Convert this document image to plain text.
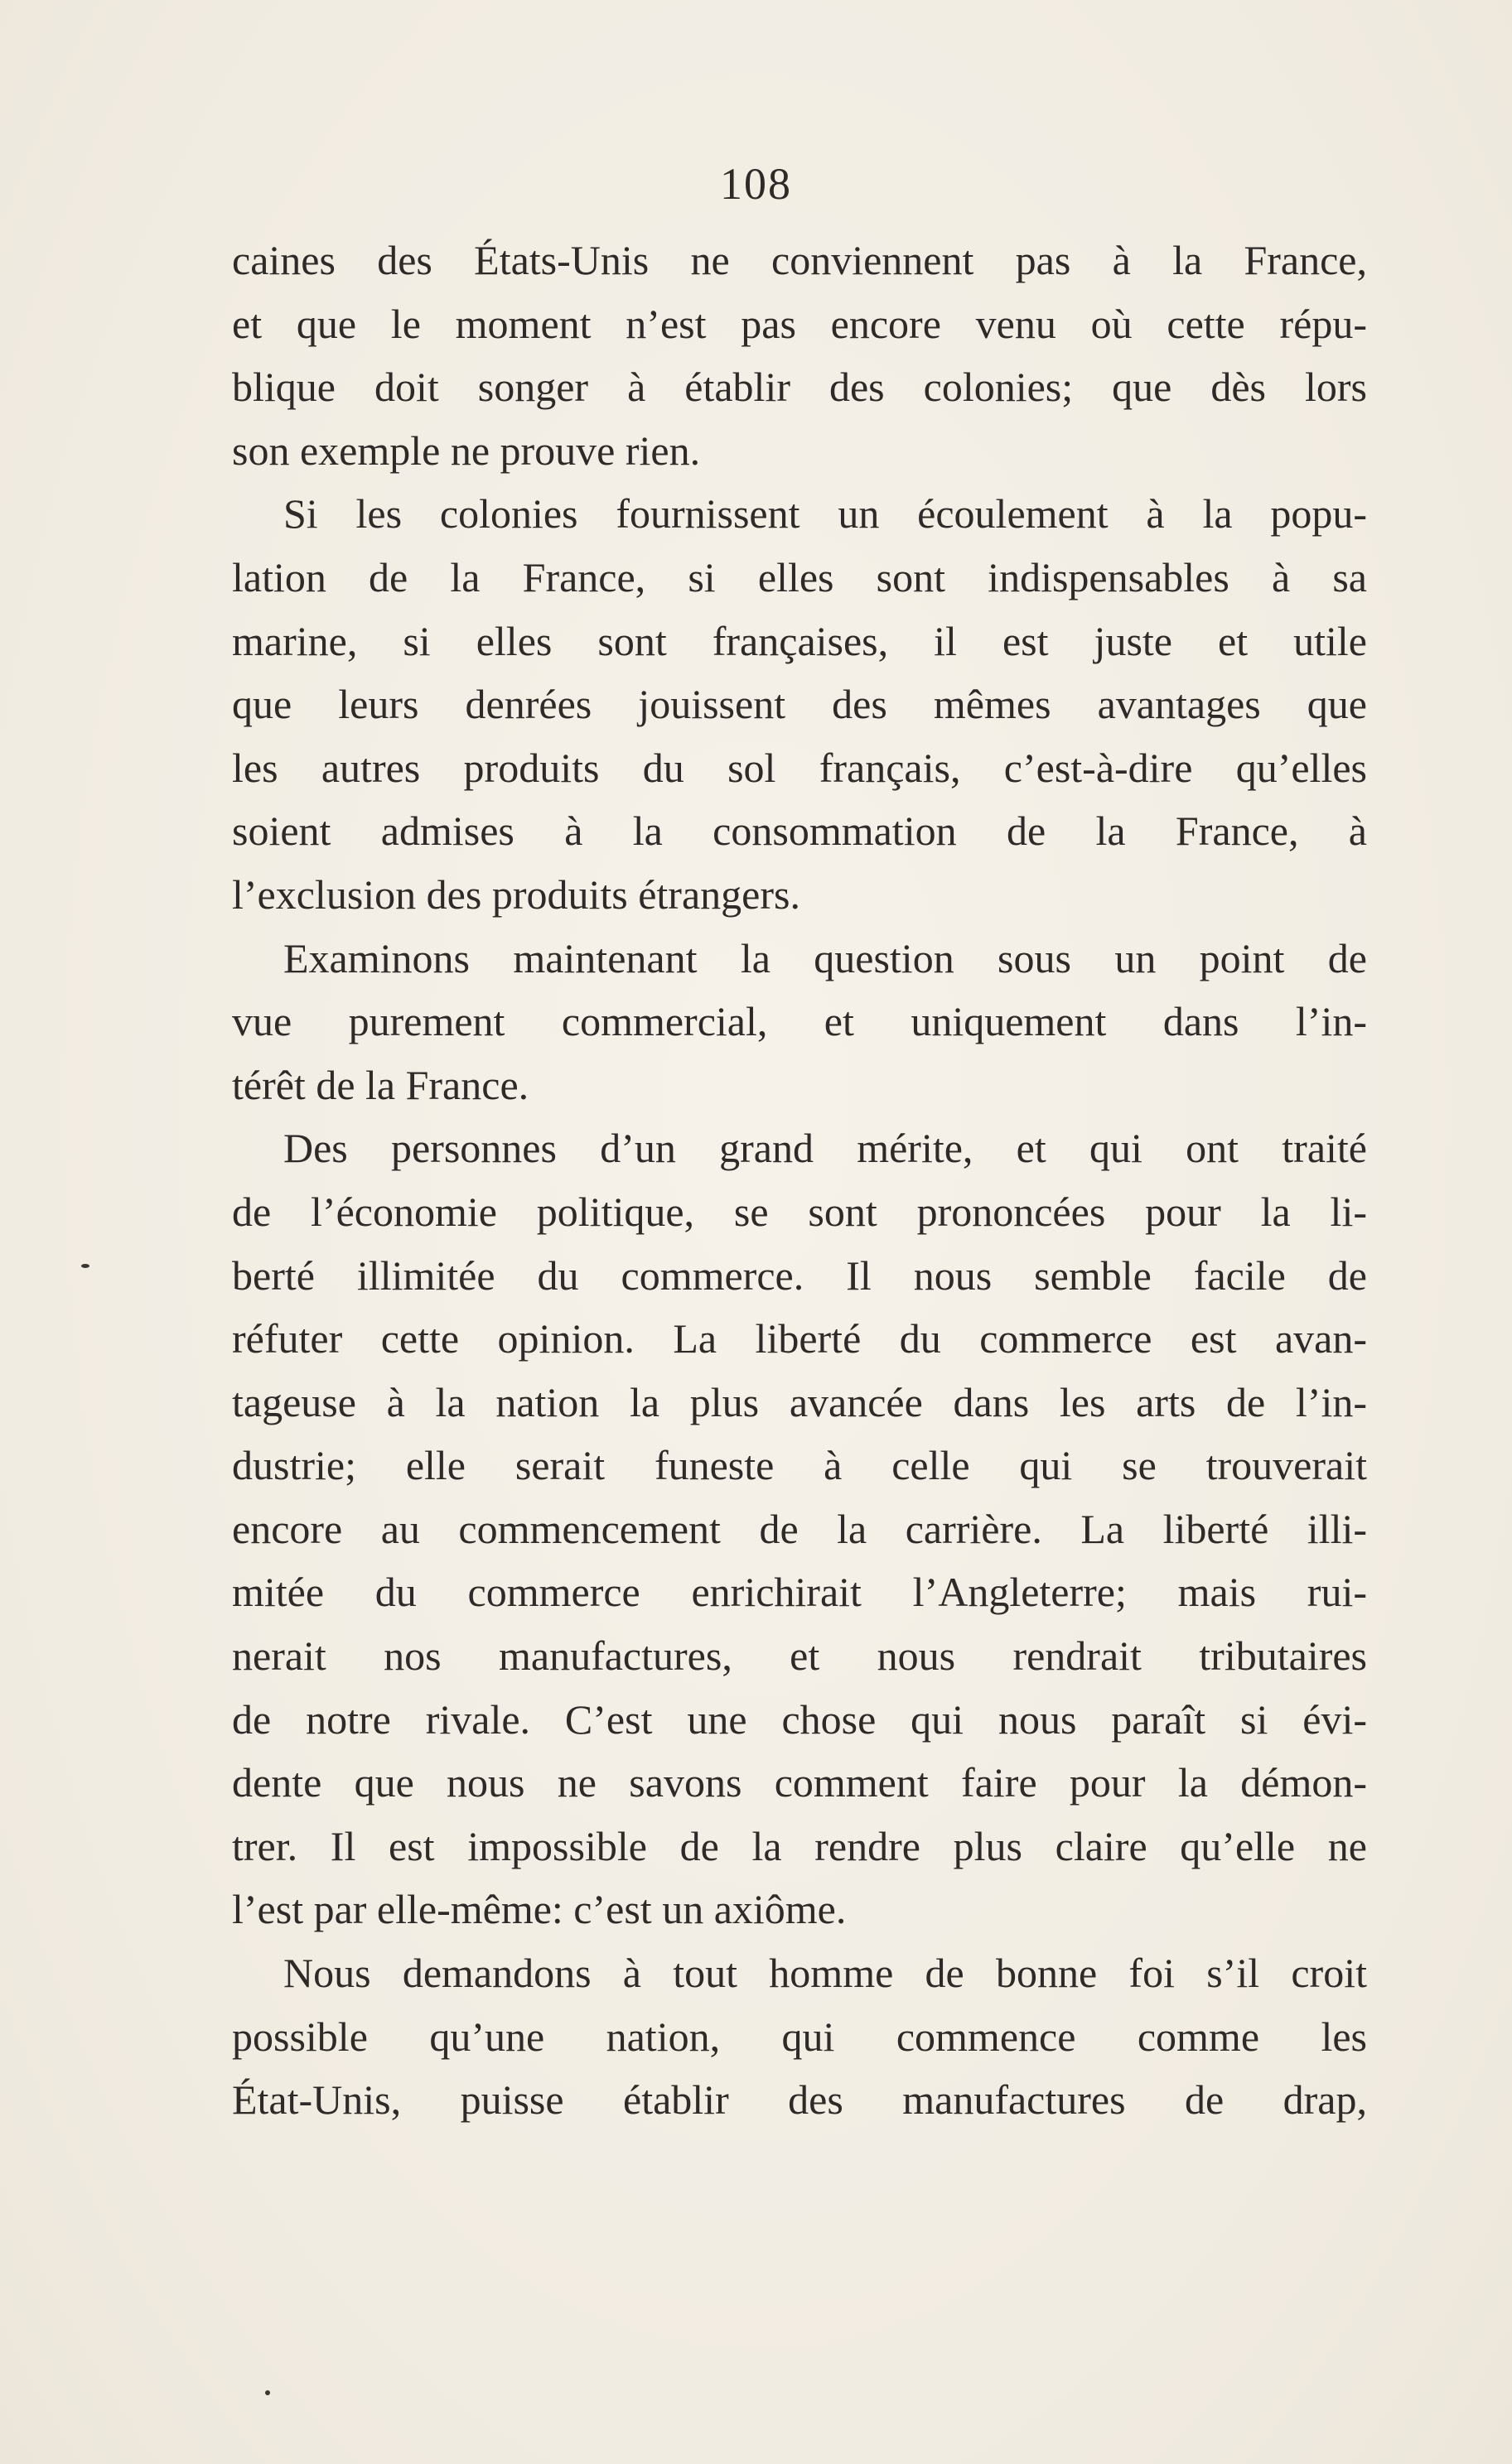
108
caines des États-Unis ne conviennent pas à la France,
et que le moment n’est pas encore venu où cette répu-
blique doit songer à établir des colonies; que dès lors
son exemple ne prouve rien.
Si les colonies fournissent un écoulement à la popu-
lation de la France, si elles sont indispensables à sa
marine, si elles sont françaises, il est juste et utile
que leurs denrées jouissent des mêmes avantages que
les autres produits du sol français, c’est-à-dire qu’elles
soient admises à la consommation de la France, à
l’exclusion des produits étrangers.
Examinons maintenant la question sous un point de
vue purement commercial, et uniquement dans l’in-
térêt de la France.
Des personnes d’un grand mérite, et qui ont traité
de l’économie politique, se sont prononcées pour la li-
berté illimitée du commerce. Il nous semble facile de
réfuter cette opinion. La liberté du commerce est avan-
tageuse à la nation la plus avancée dans les arts de l’in-
dustrie; elle serait funeste à celle qui se trouverait
encore au commencement de la carrière. La liberté illi-
mitée du commerce enrichirait l’Angleterre; mais rui-
nerait nos manufactures, et nous rendrait tributaires
de notre rivale. C’est une chose qui nous paraît si évi-
dente que nous ne savons comment faire pour la démon-
trer. Il est impossible de la rendre plus claire qu’elle ne
l’est par elle-même: c’est un axiôme.
Nous demandons à tout homme de bonne foi s’il croit
possible qu’une nation, qui commence comme les
État-Unis, puisse établir des manufactures de drap,
